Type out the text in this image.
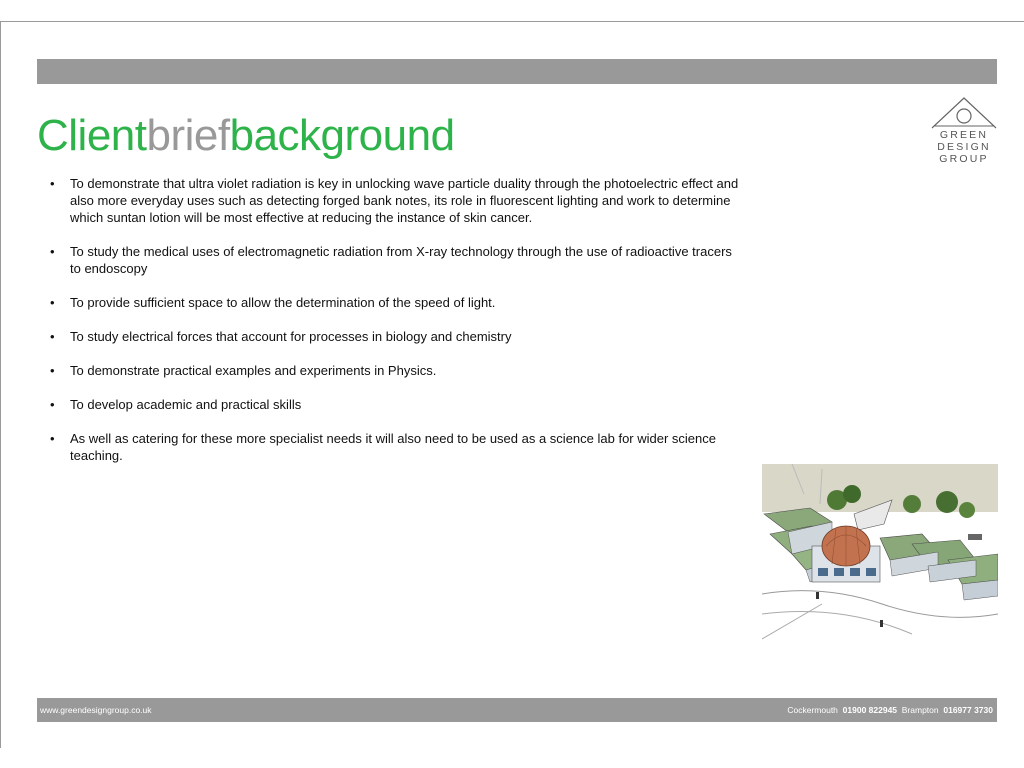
Clientbriefbackground	GREEN
DESIGN
GROUP
• To demonstrate that ultra violet radiation is key in unlocking wave particle duality through the photoelectric effect and also more everyday uses such as detecting forged bank notes, its role in fluorescent lighting and work to determine which suntan lotion will be most effective at reducing the instance of skin cancer.
• To study the medical uses of electromagnetic radiation from X-ray technology through the use of radioactive tracers to endoscopy
• To provide sufficient space to allow the determination of the speed of light.
• To study electrical forces that account for processes in biology and chemistry
• To demonstrate practical examples and experiments in Physics.
• To develop academic and practical skills
• As well as catering for these more specialist needs it will also need to be used as a science lab for wider science teaching.
www.greendesigngroup.co.uk	Cockermouth 01900 822945 Brampton 016977 3730
